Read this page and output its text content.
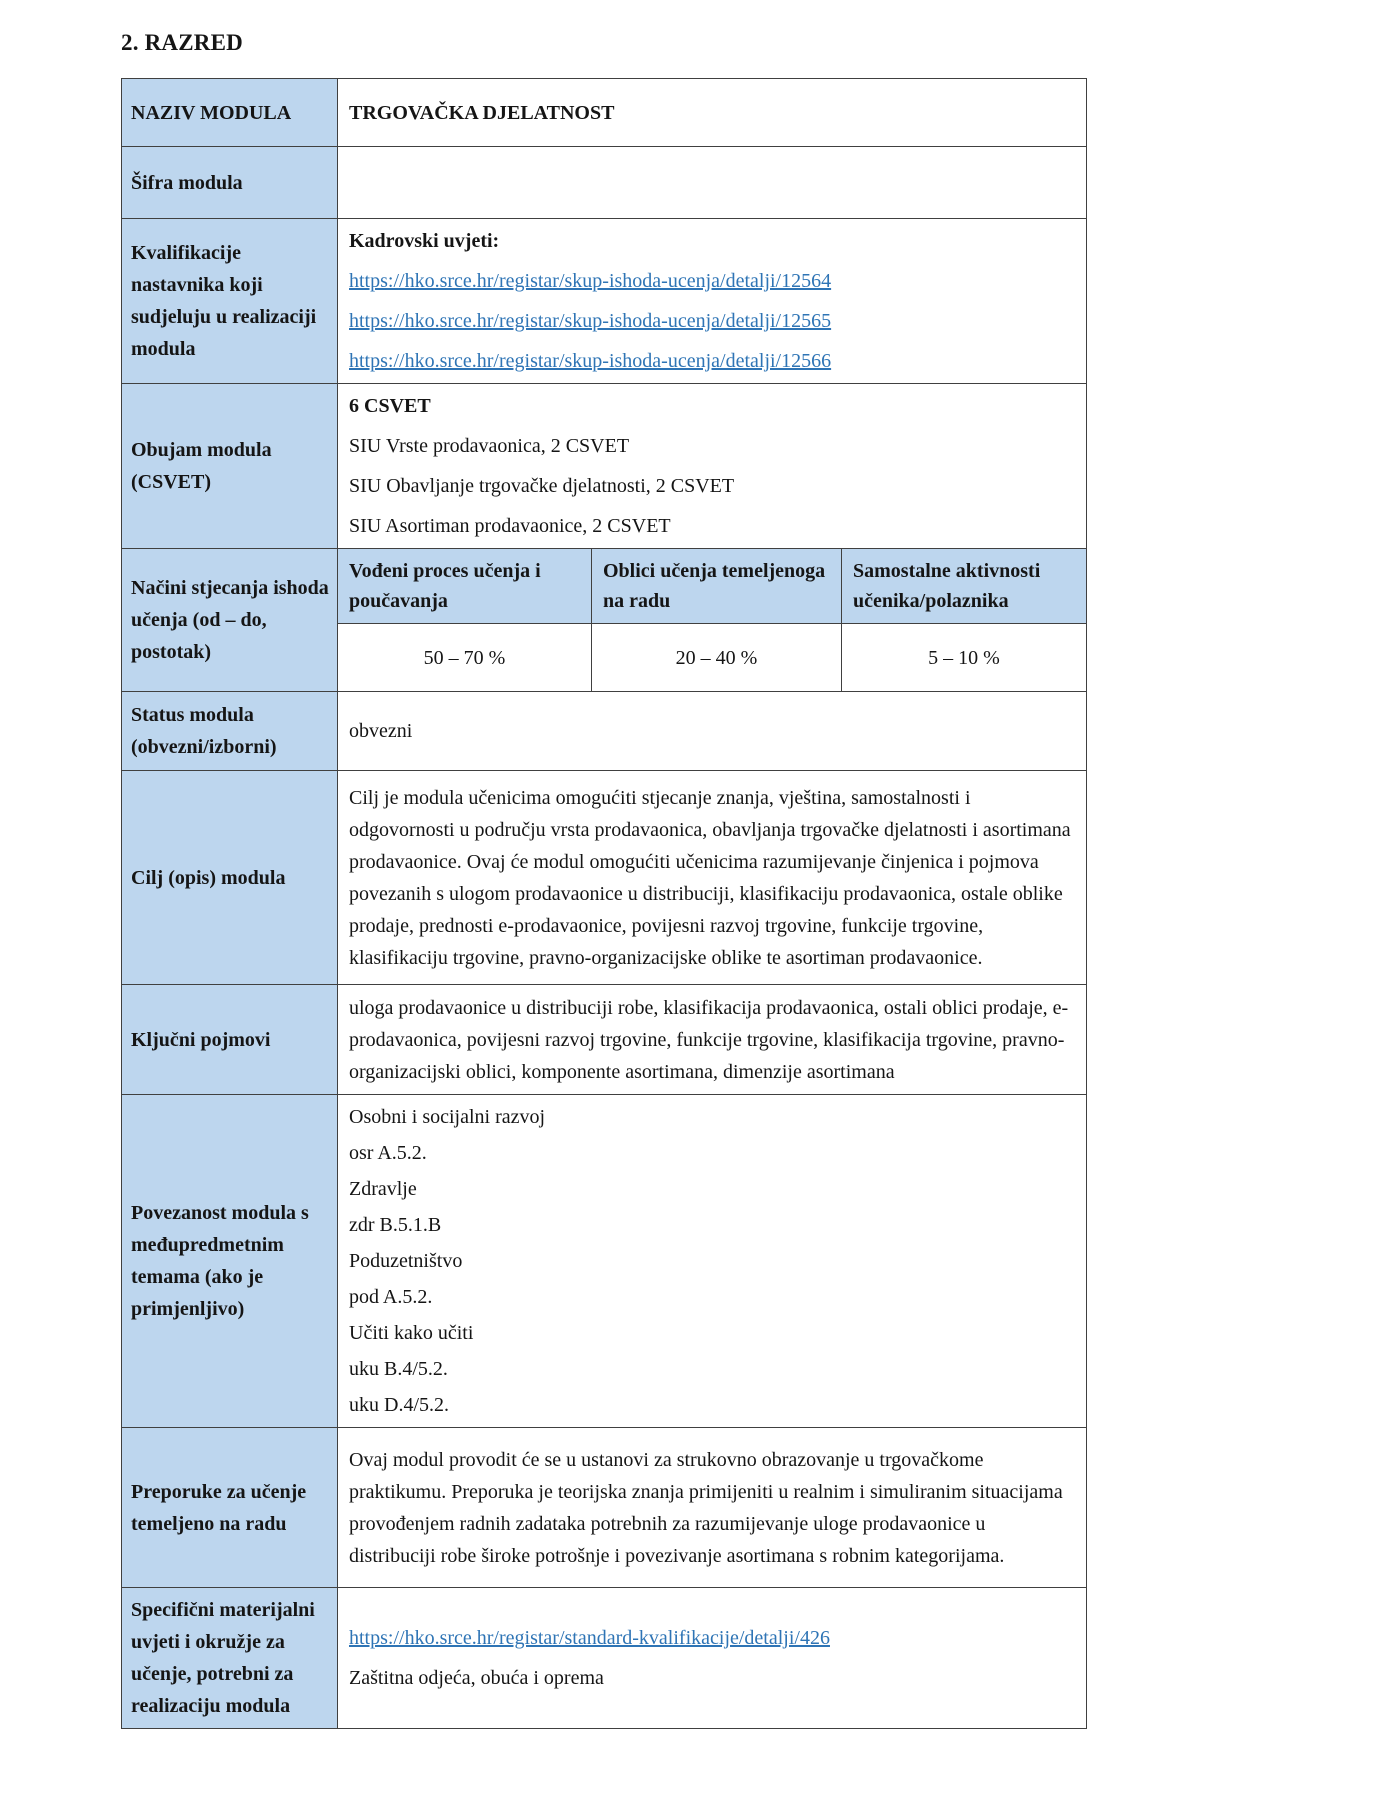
2. RAZRED
NAZIV MODULA	TRGOVAČKA DJELATNOST		
Šifra modula			
Kvalifikacije nastavnika koji sudjeluju u realizaciji modula	Kadrovski uvjeti:

https://hko.srce.hr/registar/skup-ishoda-ucenja/detalji/12564

https://hko.srce.hr/registar/skup-ishoda-ucenja/detalji/12565

https://hko.srce.hr/registar/skup-ishoda-ucenja/detalji/12566		

Obujam modula (CSVET)	6 CSVET

SIU Vrste prodavaonica, 2 CSVET

SIU Obavljanje trgovačke djelatnosti, 2 CSVET

SIU Asortiman prodavaonice, 2 CSVET		

Načini stjecanja ishoda učenja (od – do, postotak)	Vođeni proces učenja i poučavanja	Oblici učenja temeljenoga na radu	Samostalne aktivnosti učenika/polaznika
	50 – 70 %	20 – 40 %	5 – 10 %
Status modula (obvezni/izborni)	obvezni		
Cilj (opis) modula	Cilj je modula učenicima omogućiti stjecanje znanja, vještina, samostalnosti i odgovornosti u području vrsta prodavaonica, obavljanja trgovačke djelatnosti i asortimana prodavaonice. Ovaj će modul omogućiti učenicima razumijevanje činjenica i pojmova povezanih s ulogom prodavaonice u distribuciji, klasifikaciju prodavaonica, ostale oblike prodaje, prednosti e-prodavaonice, povijesni razvoj trgovine, funkcije trgovine, klasifikaciju trgovine, pravno-organizacijske oblike te asortiman prodavaonice.		
Ključni pojmovi	uloga prodavaonice u distribuciji robe, klasifikacija prodavaonica, ostali oblici prodaje, e-prodavaonica, povijesni razvoj trgovine, funkcije trgovine, klasifikacija trgovine, pravno-organizacijski oblici, komponente asortimana, dimenzije asortimana		
Povezanost modula s međupredmetnim temama (ako je primjenljivo)	

Osobni i socijalni razvoj

osr A.5.2.

Zdravlje

zdr B.5.1.B

Poduzetništvo

pod A.5.2.

Učiti kako učiti

uku B.4/5.2.

uku D.4/5.2.

Preporuke za učenje temeljeno na radu	Ovaj modul provodit će se u ustanovi za strukovno obrazovanje u trgovačkome praktikumu. Preporuka je teorijska znanja primijeniti u realnim i simuliranim situacijama provođenjem radnih zadataka potrebnih za razumijevanje uloge prodavaonice u distribuciji robe široke potrošnje i povezivanje asortimana s robnim kategorijama.		
Specifični materijalni uvjeti i okružje za učenje, potrebni za realizaciju modula	https://hko.srce.hr/registar/standard-kvalifikacije/detalji/426

Zaštitna odjeća, obuća i oprema		
